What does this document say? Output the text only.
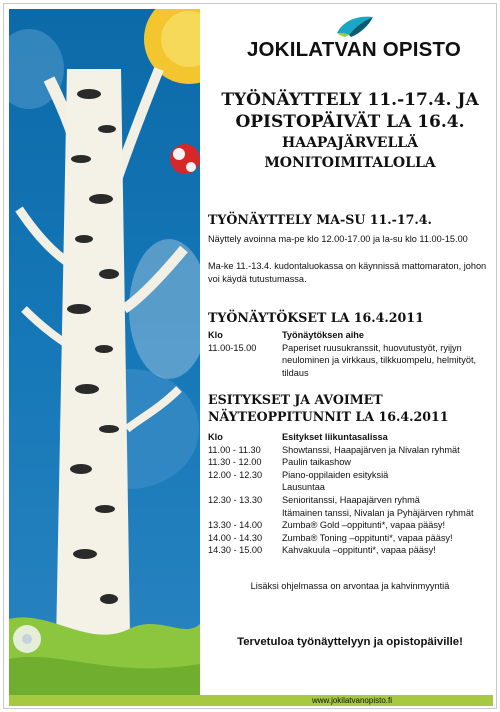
JOKILATVAN OPISTO
TYÖNÄYTTELY 11.-17.4. JA
OPISTOPÄIVÄT LA 16.4.
HAAPAJÄRVELLÄ
MONITOIMITALOLLA
TYÖNÄYTTELY MA-SU 11.-17.4.
Näyttely avoinna ma-pe klo 12.00-17.00 ja la-su klo 11.00-15.00
Ma-ke 11.-13.4. kudontaluokassa on käynnissä mattomaraton, johon voi käydä tutustumassa.
TYÖNÄYTÖKSET LA 16.4.2011
Klo	Työnäytöksen aihe
11.00-15.00	Paperiset ruusukranssit, huovutustyöt, ryijyn neulominen ja virkkaus, tilkkuompelu, helmityöt, tildaus
ESITYKSET JA AVOIMET
NÄYTEOPPITUNNIT LA 16.4.2011
Klo	Esitykset liikuntasalissa
11.00 - 11.30	Showtanssi, Haapajärven ja Nivalan ryhmät
11.30 - 12.00	Paulin taikashow
12.00 - 12.30	Piano-oppilaiden esityksiä
Lausuntaa
12.30 - 13.30	Senioritanssi, Haapajärven ryhmä
Itämainen tanssi, Nivalan ja Pyhäjärven ryhmät
13.30 - 14.00	Zumba® Gold –oppitunti*, vapaa pääsy!
14.00 - 14.30	Zumba® Toning –oppitunti*, vapaa pääsy!
14.30 - 15.00	Kahvakuula –oppitunti*, vapaa pääsy!
Lisäksi ohjelmassa on arvontaa ja kahvinmyyntiä
Tervetuloa työnäyttelyyn ja opistopäiville!
www.jokilatvanopisto.fi
